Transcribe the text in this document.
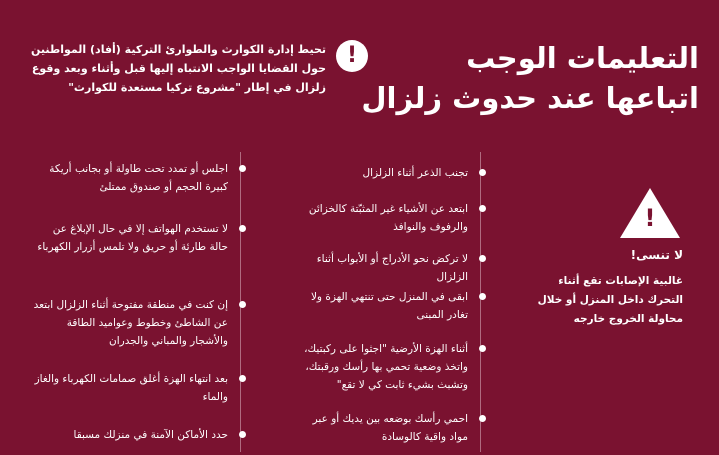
التعليمات الوجب
اتباعها عند حدوث زلزال
!
تحيط إدارة الكوارث والطوارئ التركية (أفاد) المواطنين حول القضايا الواجب الانتباه إليها قبل وأثناء وبعد وقوع زلزال في إطار "مشروع تركيا مستعدة للكوارث"
تجنب الذعر أثناء الزلزال
ابتعد عن الأشياء غير المثبّتة كالخزائن والرفوف والنوافذ
لا تركض نحو الأدراج أو الأبواب أثناء الزلزال
ابقى في المنزل حتى تنتهي الهزة ولا تغادر المبنى
أثناء الهزة الأرضية "اجثوا على ركبتيك، واتخذ وضعية تحمي بها رأسك ورقبتك، وتشبث بشيء ثابت كي لا تقع"
احمي رأسك بوضعه بين يديك أو عبر مواد واقية كالوسادة
اجلس أو تمدد تحت طاولة أو بجانب أريكة كبيرة الحجم أو صندوق ممتلئ
لا تستخدم الهواتف إلا في حال الإبلاغ عن حالة طارئة أو حريق ولا تلمس أزرار الكهرباء
إن كنت في منطقة مفتوحة أثناء الزلزال ابتعد عن الشاطئ وخطوط وعواميد الطاقة والأشجار والمباني والجدران
بعد انتهاء الهزة أغلق صمامات الكهرباء والغاز والماء
حدد الأماكن الآمنة في منزلك مسبقا
!
لا تنسى!
غالبية الإصابات تقع أثناء التحرك داخل المنزل أو خلال محاولة الخروج خارجه
